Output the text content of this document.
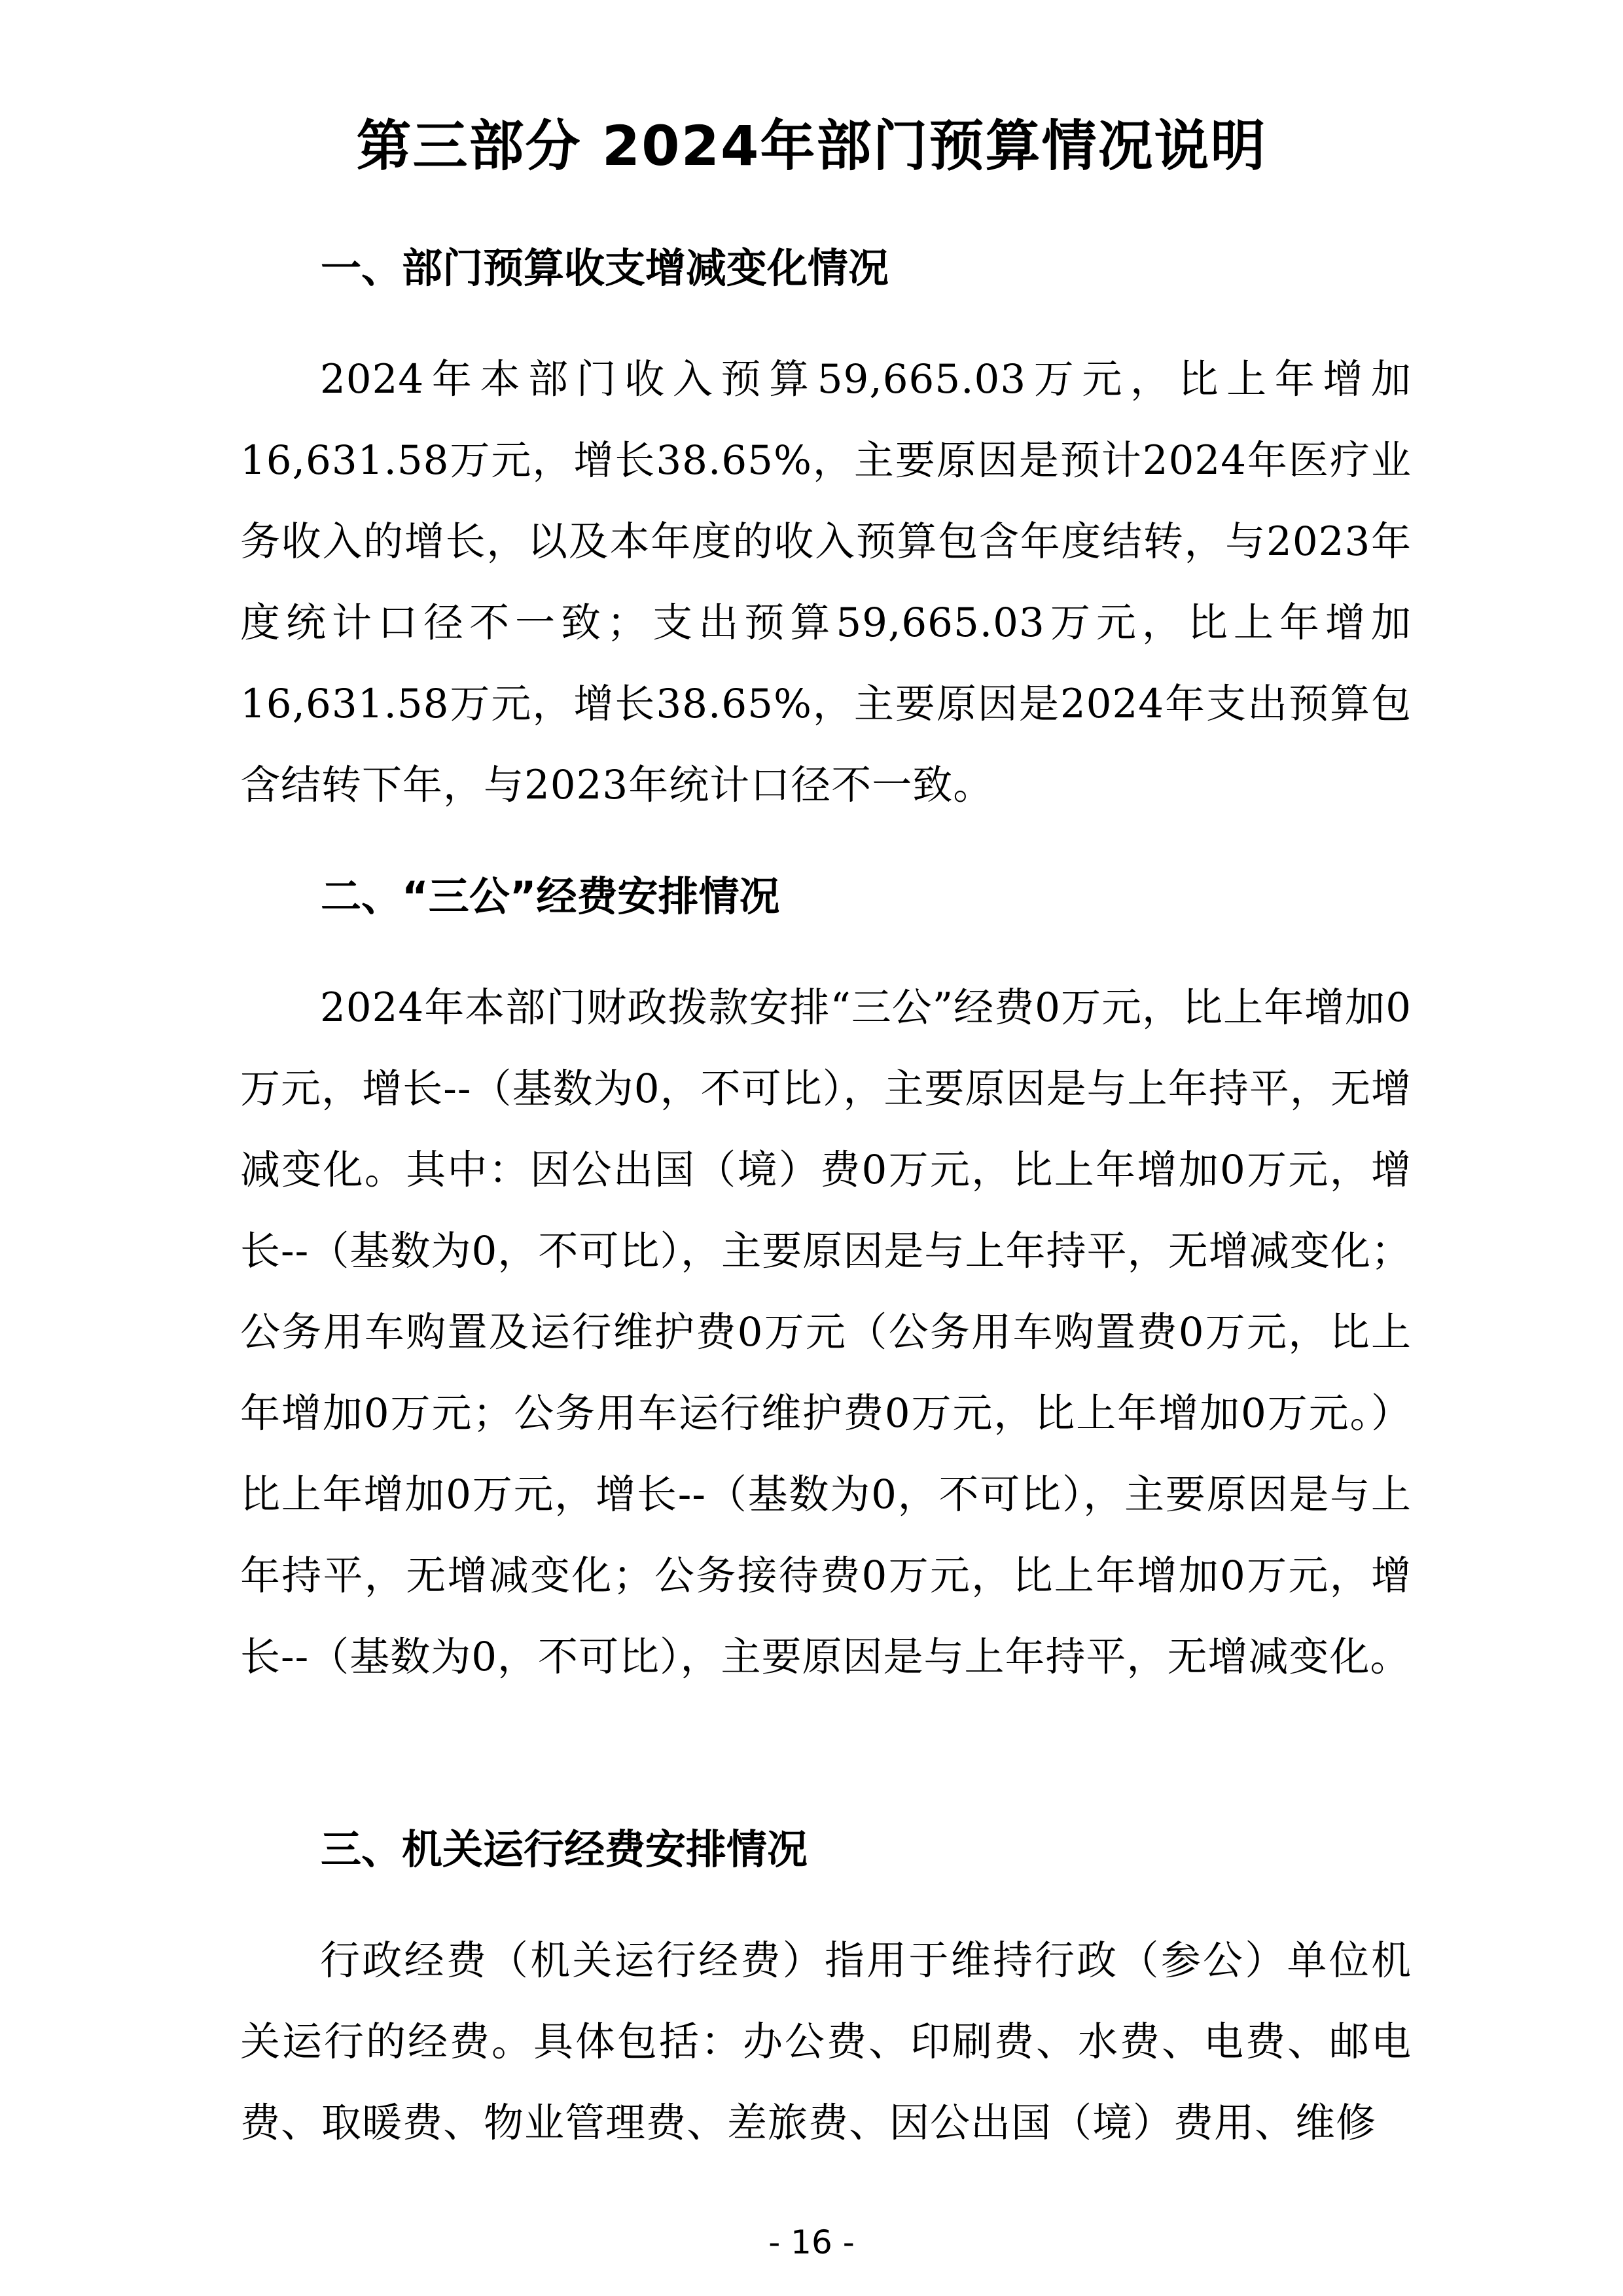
第三部分 2024年部门预算情况说明
一、部门预算收支增减变化情况

2024年本部门收入预算59,665.03万元，比上年增加16,631.58万元，增长38.65%，主要原因是预计2024年医疗业务收入的增长，以及本年度的收入预算包含年度结转，与2023年度统计口径不一致；支出预算59,665.03万元，比上年增加16,631.58万元，增长38.65%，主要原因是2024年支出预算包含结转下年，与2023年统计口径不一致。

二、“三公”经费安排情况

2024年本部门财政拨款安排“三公”经费0万元，比上年增加0万元，增长--（基数为0，不可比），主要原因是与上年持平，无增减变化。其中：因公出国（境）费0万元，比上年增加0万元，增长--（基数为0，不可比），主要原因是与上年持平，无增减变化；公务用车购置及运行维护费0万元（公务用车购置费0万元，比上年增加0万元；公务用车运行维护费0万元，比上年增加0万元。）比上年增加0万元，增长--（基数为0，不可比），主要原因是与上年持平，无增减变化；公务接待费0万元，比上年增加0万元，增长--（基数为0，不可比），主要原因是与上年持平，无增减变化。

三、机关运行经费安排情况

行政经费（机关运行经费）指用于维持行政（参公）单位机关运行的经费。具体包括：办公费、印刷费、水费、电费、邮电费、取暖费、物业管理费、差旅费、因公出国（境）费用、维修

- 16 -
